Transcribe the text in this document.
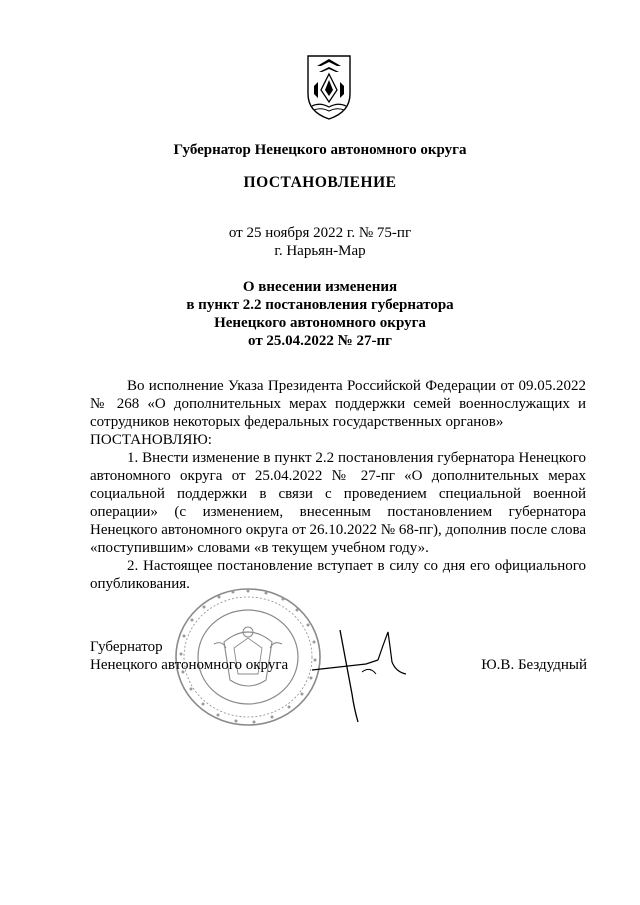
Губернатор Ненецкого автономного округа
ПОСТАНОВЛЕНИЕ
от 25 ноября 2022 г. № 75-пг
г. Нарьян-Мар
О внесении изменения
в пункт 2.2 постановления губернатора
Ненецкого автономного округа
от 25.04.2022 № 27-пг

Во исполнение Указа Президента Российской Федерации от 09.05.2022 № 268 «О дополнительных мерах поддержки семей военнослужащих и сотрудников некоторых федеральных государственных органов»

ПОСТАНОВЛЯЮ:

1. Внести изменение в пункт 2.2 постановления губернатора Ненецкого автономного округа от 25.04.2022 № 27-пг «О дополнительных мерах социальной поддержки в связи с проведением специальной военной операции» (с изменением, внесенным постановлением губернатора Ненецкого автономного округа от 26.10.2022 № 68-пг), дополнив после слова «поступившим» словами «в текущем учебном году».

2. Настоящее постановление вступает в силу со дня его официального опубликования.

Губернатор
Ненецкого автономного округа	Ю.В. Бездудный
